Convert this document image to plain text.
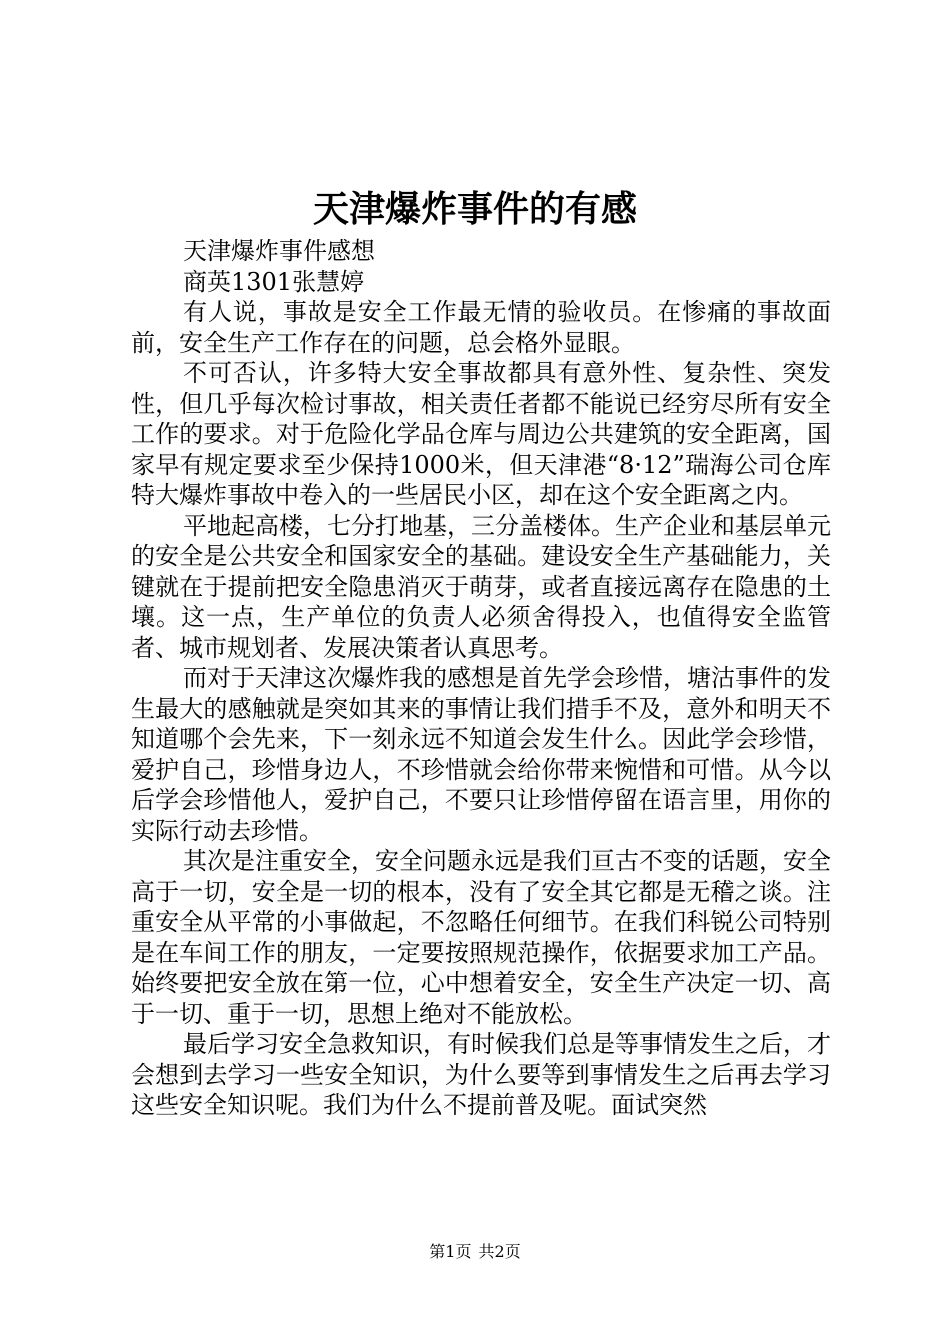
天津爆炸事件的有感

天津爆炸事件感想

商英1301张慧婷

有人说，事故是安全工作最无情的验收员。在惨痛的事故面前，安全生产工作存在的问题，总会格外显眼。

不可否认，许多特大安全事故都具有意外性、复杂性、突发性，但几乎每次检讨事故，相关责任者都不能说已经穷尽所有安全工作的要求。对于危险化学品仓库与周边公共建筑的安全距离，国家早有规定要求至少保持1000米，但天津港“8·12”瑞海公司仓库特大爆炸事故中卷入的一些居民小区，却在这个安全距离之内。

平地起高楼，七分打地基，三分盖楼体。生产企业和基层单元的安全是公共安全和国家安全的基础。建设安全生产基础能力，关键就在于提前把安全隐患消灭于萌芽，或者直接远离存在隐患的土壤。这一点，生产单位的负责人必须舍得投入，也值得安全监管者、城市规划者、发展决策者认真思考。

而对于天津这次爆炸我的感想是首先学会珍惜，塘沽事件的发生最大的感触就是突如其来的事情让我们措手不及，意外和明天不知道哪个会先来，下一刻永远不知道会发生什么。因此学会珍惜，爱护自己，珍惜身边人，不珍惜就会给你带来惋惜和可惜。从今以后学会珍惜他人，爱护自己，不要只让珍惜停留在语言里，用你的实际行动去珍惜。

其次是注重安全，安全问题永远是我们亘古不变的话题，安全高于一切，安全是一切的根本，没有了安全其它都是无稽之谈。注重安全从平常的小事做起，不忽略任何细节。在我们科锐公司特别是在车间工作的朋友，一定要按照规范操作，依据要求加工产品。始终要把安全放在第一位，心中想着安全，安全生产决定一切、高于一切、重于一切，思想上绝对不能放松。

最后学习安全急救知识，有时候我们总是等事情发生之后，才会想到去学习一些安全知识，为什么要等到事情发生之后再去学习这些安全知识呢。我们为什么不提前普及呢。面试突然

第1页 共2页
